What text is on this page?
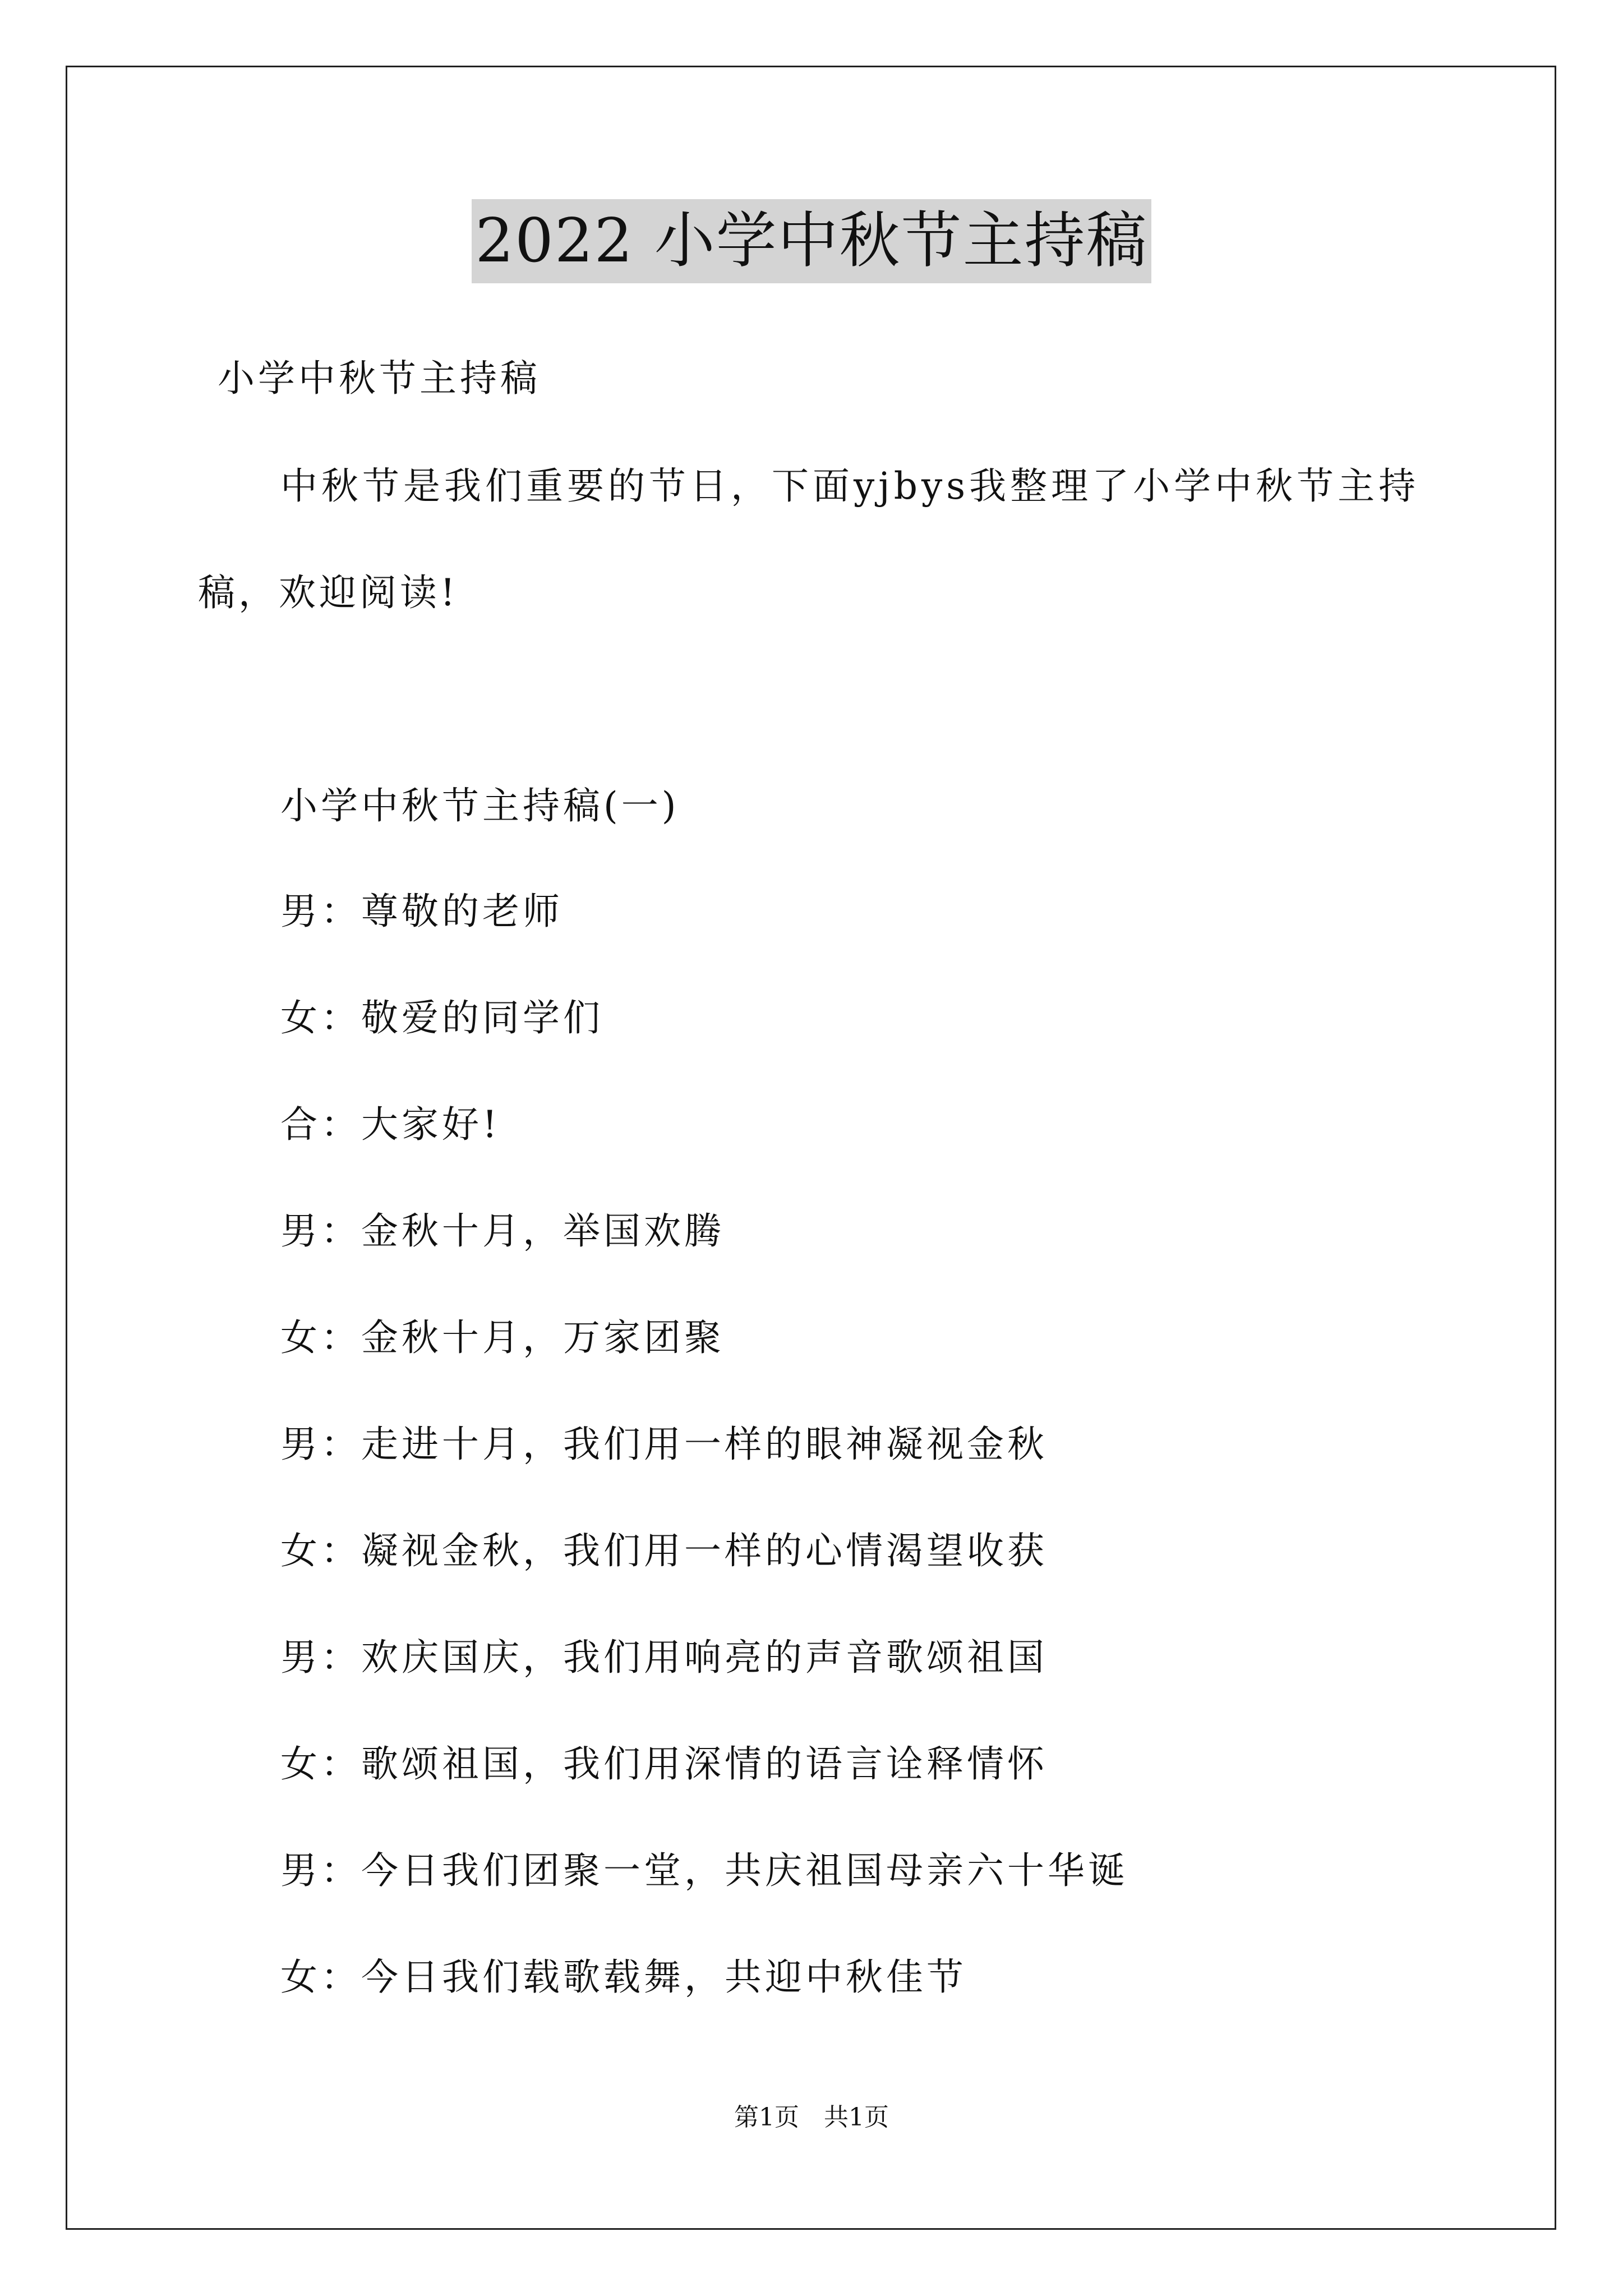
2022 小学中秋节主持稿
小学中秋节主持稿
中秋节是我们重要的节日，下面yjbys我整理了小学中秋节主持
稿，欢迎阅读!
小学中秋节主持稿(一)
男：尊敬的老师
女：敬爱的同学们
合：大家好!
男：金秋十月，举国欢腾
女：金秋十月，万家团聚
男：走进十月，我们用一样的眼神凝视金秋
女：凝视金秋，我们用一样的心情渴望收获
男：欢庆国庆，我们用响亮的声音歌颂祖国
女：歌颂祖国，我们用深情的语言诠释情怀
男：今日我们团聚一堂，共庆祖国母亲六十华诞
女：今日我们载歌载舞，共迎中秋佳节
第1页 共1页
